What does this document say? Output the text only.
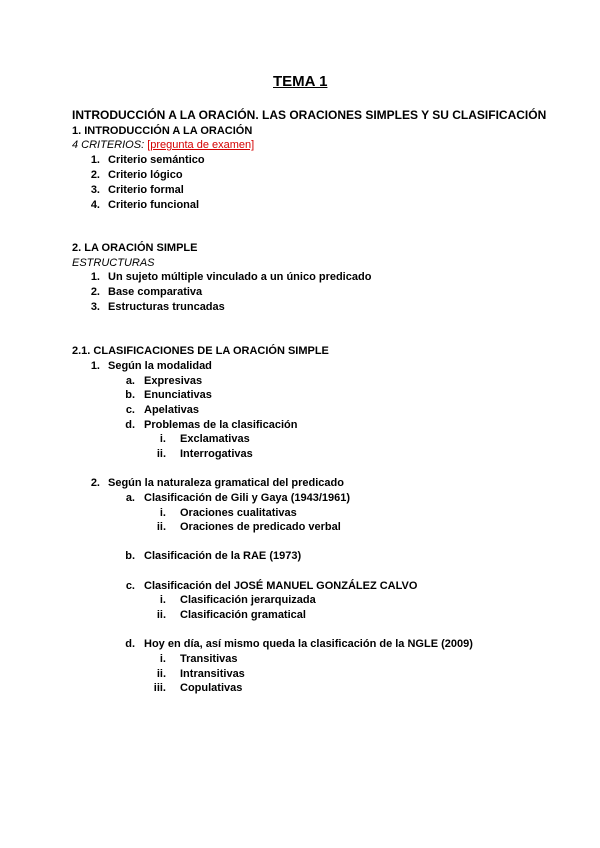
TEMA 1
INTRODUCCIÓN A LA ORACIÓN. LAS ORACIONES SIMPLES Y SU CLASIFICACIÓN
1. INTRODUCCIÓN A LA ORACIÓN
4 CRITERIOS: [pregunta de examen]
1. Criterio semántico
2. Criterio lógico
3. Criterio formal
4. Criterio funcional
2. LA ORACIÓN SIMPLE
ESTRUCTURAS
1. Un sujeto múltiple vinculado a un único predicado
2. Base comparativa
3. Estructuras truncadas
2.1. CLASIFICACIONES DE LA ORACIÓN SIMPLE
1. Según la modalidad
a. Expresivas
b. Enunciativas
c. Apelativas
d. Problemas de la clasificación
i. Exclamativas
ii. Interrogativas
2. Según la naturaleza gramatical del predicado
a. Clasificación de Gili y Gaya (1943/1961)
i. Oraciones cualitativas
ii. Oraciones de predicado verbal
b. Clasificación de la RAE (1973)
c. Clasificación del JOSÉ MANUEL GONZÁLEZ CALVO
i. Clasificación jerarquizada
ii. Clasificación gramatical
d. Hoy en día, así mismo queda la clasificación de la NGLE (2009)
i. Transitivas
ii. Intransitivas
iii. Copulativas
